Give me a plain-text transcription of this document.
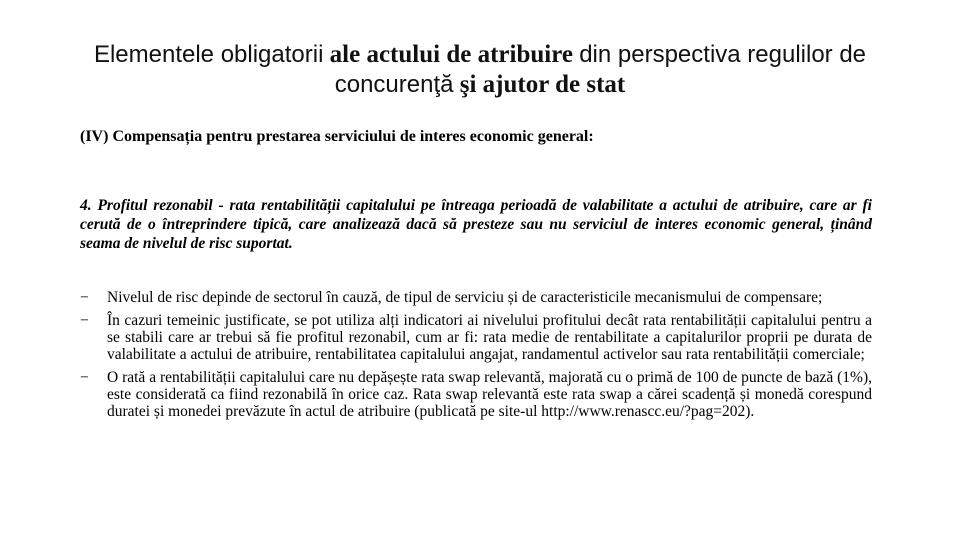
Elementele obligatorii ale actului de atribuire din perspectiva regulilor de concurenţă şi ajutor de stat
(IV) Compensația pentru prestarea serviciului de interes economic general:
4. Profitul rezonabil - rata rentabilității capitalului pe întreaga perioadă de valabilitate a actului de atribuire, care ar fi cerută de o întreprindere tipică, care analizează dacă să presteze sau nu serviciul de interes economic general, ținând seama de nivelul de risc suportat.
− Nivelul de risc depinde de sectorul în cauză, de tipul de serviciu și de caracteristicile mecanismului de compensare;
− În cazuri temeinic justificate, se pot utiliza alți indicatori ai nivelului profitului decât rata rentabilității capitalului pentru a se stabili care ar trebui să fie profitul rezonabil, cum ar fi: rata medie de rentabilitate a capitalurilor proprii pe durata de valabilitate a actului de atribuire, rentabilitatea capitalului angajat, randamentul activelor sau rata rentabilității comerciale;
− O rată a rentabilității capitalului care nu depășește rata swap relevantă, majorată cu o primă de 100 de puncte de bază (1%), este considerată ca fiind rezonabilă în orice caz. Rata swap relevantă este rata swap a cărei scadență și monedă corespund duratei și monedei prevăzute în actul de atribuire (publicată pe site-ul http://www.renascc.eu/?pag=202).
